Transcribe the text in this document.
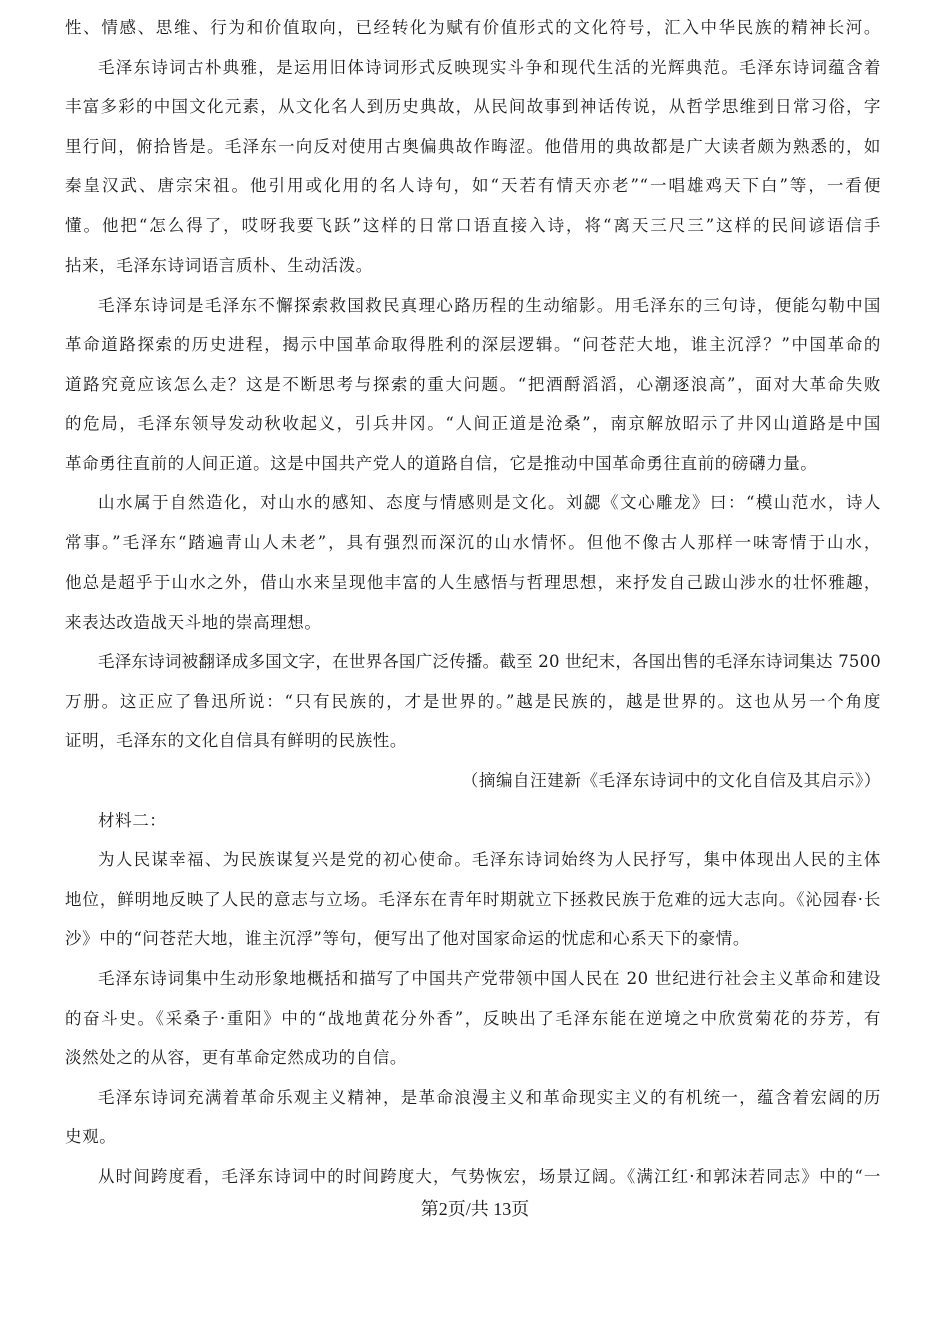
性、情感、思维、行为和价值取向，已经转化为赋有价值形式的文化符号，汇入中华民族的精神长河。
毛泽东诗词古朴典雅，是运用旧体诗词形式反映现实斗争和现代生活的光辉典范。毛泽东诗词蕴含着
丰富多彩的中国文化元素，从文化名人到历史典故，从民间故事到神话传说，从哲学思维到日常习俗，字
里行间，俯拾皆是。毛泽东一向反对使用古奥偏典故作晦涩。他借用的典故都是广大读者颇为熟悉的，如
秦皇汉武、唐宗宋祖。他引用或化用的名人诗句，如“天若有情天亦老”“一唱雄鸡天下白”等，一看便
懂。他把“怎么得了，哎呀我要飞跃”这样的日常口语直接入诗，将“离天三尺三”这样的民间谚语信手
拈来，毛泽东诗词语言质朴、生动活泼。
毛泽东诗词是毛泽东不懈探索救国救民真理心路历程的生动缩影。用毛泽东的三句诗，便能勾勒中国
革命道路探索的历史进程，揭示中国革命取得胜利的深层逻辑。“问苍茫大地，谁主沉浮？”中国革命的
道路究竟应该怎么走？这是不断思考与探索的重大问题。“把酒酹滔滔，心潮逐浪高”，面对大革命失败
的危局，毛泽东领导发动秋收起义，引兵井冈。“人间正道是沧桑”，南京解放昭示了井冈山道路是中国
革命勇往直前的人间正道。这是中国共产党人的道路自信，它是推动中国革命勇往直前的磅礴力量。
山水属于自然造化，对山水的感知、态度与情感则是文化。刘勰《文心雕龙》曰：“模山范水，诗人
常事。”毛泽东“踏遍青山人未老”，具有强烈而深沉的山水情怀。但他不像古人那样一味寄情于山水，
他总是超乎于山水之外，借山水来呈现他丰富的人生感悟与哲理思想，来抒发自己跋山涉水的壮怀雅趣，
来表达改造战天斗地的崇高理想。
毛泽东诗词被翻译成多国文字，在世界各国广泛传播。截至 20 世纪末，各国出售的毛泽东诗词集达 7500
万册。这正应了鲁迅所说：“只有民族的，才是世界的。”越是民族的，越是世界的。这也从另一个角度
证明，毛泽东的文化自信具有鲜明的民族性。
（摘编自汪建新《毛泽东诗词中的文化自信及其启示》）
材料二：
为人民谋幸福、为民族谋复兴是党的初心使命。毛泽东诗词始终为人民抒写，集中体现出人民的主体
地位，鲜明地反映了人民的意志与立场。毛泽东在青年时期就立下拯救民族于危难的远大志向。《沁园春·长
沙》中的“问苍茫大地，谁主沉浮”等句，便写出了他对国家命运的忧虑和心系天下的豪情。
毛泽东诗词集中生动形象地概括和描写了中国共产党带领中国人民在 20 世纪进行社会主义革命和建设
的奋斗史。《采桑子·重阳》中的“战地黄花分外香”，反映出了毛泽东能在逆境之中欣赏菊花的芬芳，有
淡然处之的从容，更有革命定然成功的自信。
毛泽东诗词充满着革命乐观主义精神，是革命浪漫主义和革命现实主义的有机统一，蕴含着宏阔的历
史观。
从时间跨度看，毛泽东诗词中的时间跨度大，气势恢宏，场景辽阔。《满江红·和郭沫若同志》中的“一
第2页/共 13页
